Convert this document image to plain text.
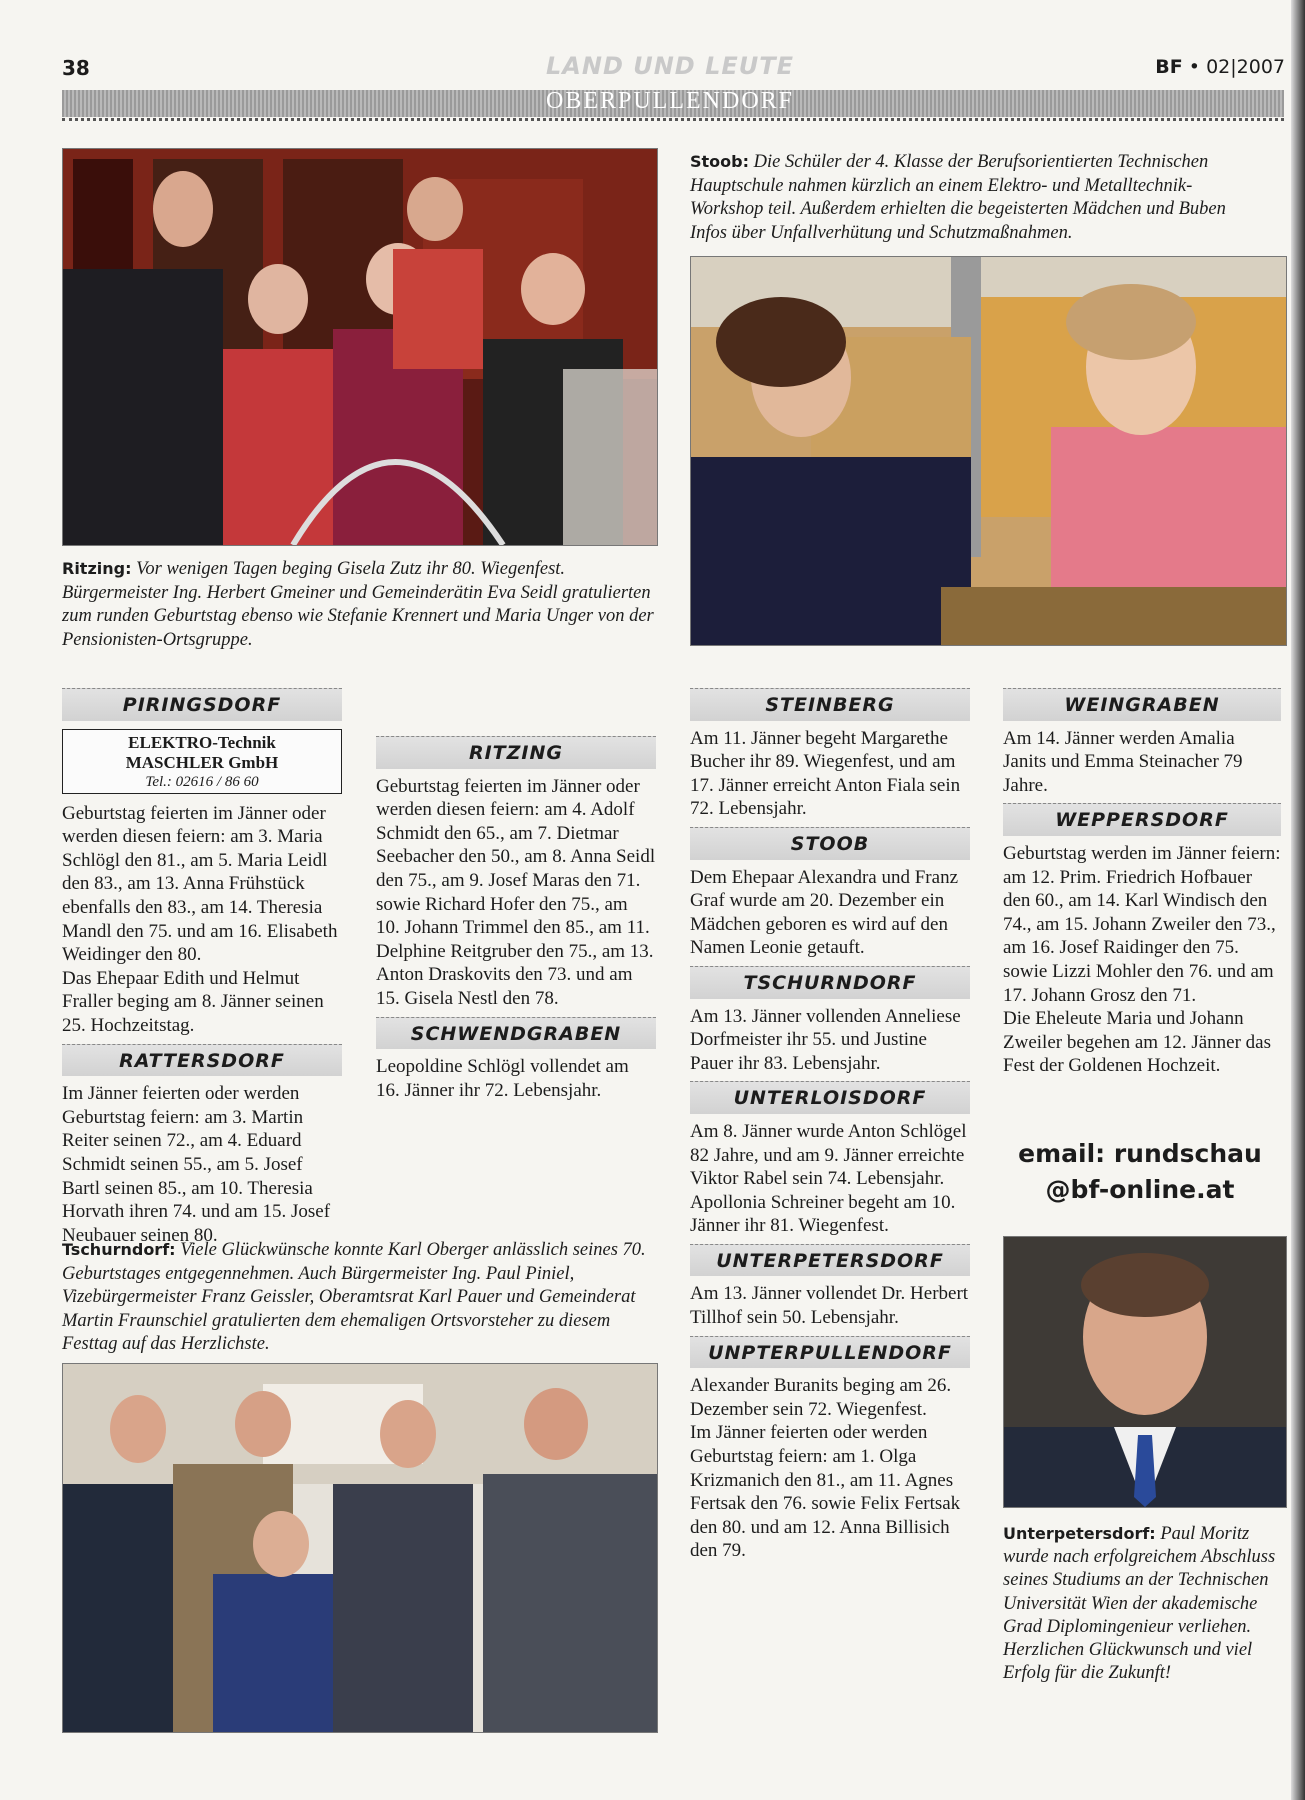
38	LAND UND LEUTE	BF • 02|2007
OBERPULLENDORF
Stoob: Die Schüler der 4. Klasse der Berufsorientierten Technischen Hauptschule nahmen kürzlich an einem Elektro- und Metalltechnik-Workshop teil. Außerdem erhielten die begeisterten Mädchen und Buben Infos über Unfallverhütung und Schutzmaßnahmen.
Ritzing: Vor wenigen Tagen beging Gisela Zutz ihr 80. Wiegenfest. Bürgermeister Ing. Herbert Gmeiner und Gemeinderätin Eva Seidl gratulierten zum runden Geburtstag ebenso wie Stefanie Krennert und Maria Unger von der Pensionisten-Ortsgruppe.
PIRINGSDORF
ELEKTRO-Technik
MASCHLER GmbH
Tel.: 02616 / 86 60

Geburtstag feierten im Jänner oder werden diesen feiern: am 3. Maria Schlögl den 81., am 5. Maria Leidl den 83., am 13. Anna Frühstück ebenfalls den 83., am 14. Theresia Mandl den 75. und am 16. Elisabeth Weidinger den 80.

Das Ehepaar Edith und Helmut Fraller beging am 8. Jänner seinen 25. Hochzeitstag.

RATTERSDORF

Im Jänner feierten oder werden Geburtstag feiern: am 3. Martin Reiter seinen 72., am 4. Eduard Schmidt seinen 55., am 5. Josef Bartl seinen 85., am 10. Theresia Horvath ihren 74. und am 15. Josef Neubauer seinen 80.

RITZING

Geburtstag feierten im Jänner oder werden diesen feiern: am 4. Adolf Schmidt den 65., am 7. Dietmar Seebacher den 50., am 8. Anna Seidl den 75., am 9. Josef Maras den 71. sowie Richard Hofer den 75., am 10. Johann Trimmel den 85., am 11. Delphine Reitgruber den 75., am 13. Anton Draskovits den 73. und am 15. Gisela Nestl den 78.

SCHWENDGRABEN

Leopoldine Schlögl vollendet am 16. Jänner ihr 72. Lebensjahr.

STEINBERG

Am 11. Jänner begeht Margarethe Bucher ihr 89. Wiegenfest, und am 17. Jänner erreicht Anton Fiala sein 72. Lebensjahr.

STOOB

Dem Ehepaar Alexandra und Franz Graf wurde am 20. Dezember ein Mädchen geboren es wird auf den Namen Leonie getauft.

TSCHURNDORF

Am 13. Jänner vollenden Anneliese Dorfmeister ihr 55. und Justine Pauer ihr 83. Lebensjahr.

UNTERLOISDORF

Am 8. Jänner wurde Anton Schlögel 82 Jahre, und am 9. Jänner erreichte Viktor Rabel sein 74. Lebensjahr.

Apollonia Schreiner begeht am 10. Jänner ihr 81. Wiegenfest.

UNTERPETERSDORF

Am 13. Jänner vollendet Dr. Herbert Tillhof sein 50. Lebensjahr.

UNPTERPULLENDORF

Alexander Buranits beging am 26. Dezember sein 72. Wiegenfest.

Im Jänner feierten oder werden Geburtstag feiern: am 1. Olga Krizmanich den 81., am 11. Agnes Fertsak den 76. sowie Felix Fertsak den 80. und am 12. Anna Billisich den 79.

WEINGRABEN

Am 14. Jänner werden Amalia Janits und Emma Steinacher 79 Jahre.

WEPPERSDORF

Geburtstag werden im Jänner feiern: am 12. Prim. Friedrich Hofbauer den 60., am 14. Karl Windisch den 74., am 15. Johann Zweiler den 73., am 16. Josef Raidinger den 75. sowie Lizzi Mohler den 76. und am 17. Johann Grosz den 71.

Die Eheleute Maria und Johann Zweiler begehen am 12. Jänner das Fest der Goldenen Hochzeit.

email: rundschau
@bf-online.at
Tschurndorf: Viele Glückwünsche konnte Karl Oberger anlässlich seines 70. Geburtstages entgegennehmen. Auch Bürgermeister Ing. Paul Piniel, Vizebürgermeister Franz Geissler, Oberamtsrat Karl Pauer und Gemeinderat Martin Fraunschiel gratulierten dem ehemaligen Ortsvorsteher zu diesem Festtag auf das Herzlichste.
Unterpetersdorf: Paul Moritz wurde nach erfolgreichem Abschluss seines Studiums an der Technischen Universität Wien der akademische Grad Diplomingenieur verliehen. Herzlichen Glückwunsch und viel Erfolg für die Zukunft!
